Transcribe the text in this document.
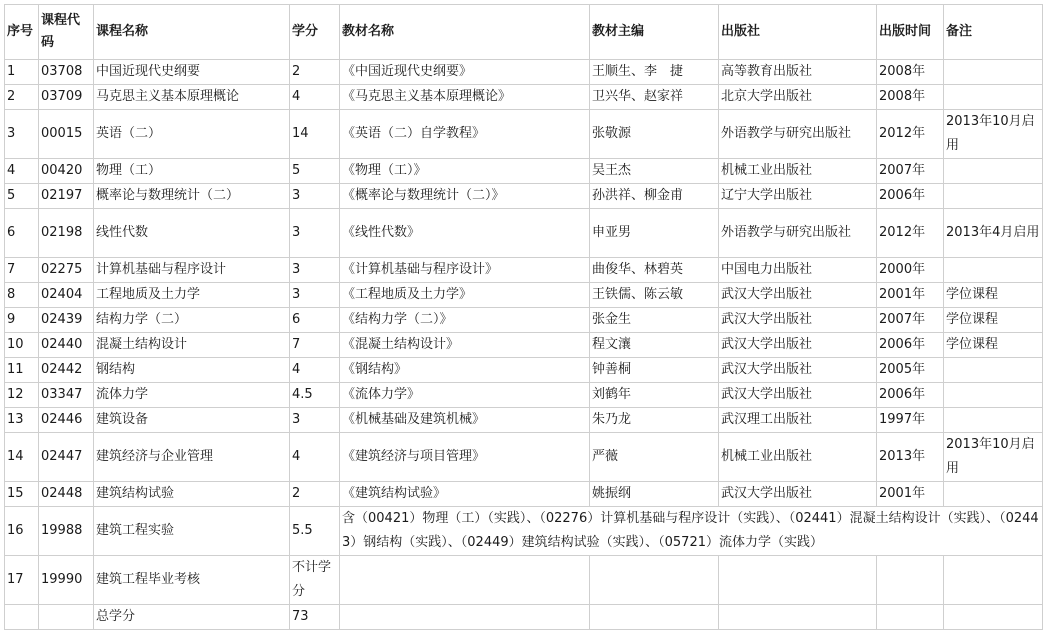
序号	课程代码	课程名称	学分	教材名称	教材主编	出版社	出版时间	备注
1	03708	中国近现代史纲要	2	《中国近现代史纲要》	王顺生、李　捷	高等教育出版社	2008年	
2	03709	马克思主义基本原理概论	4	《马克思主义基本原理概论》	卫兴华、赵家祥	北京大学出版社	2008年	
3	00015	英语（二）	14	《英语（二）自学教程》	张敬源	外语教学与研究出版社	2012年	2013年10月启用
4	00420	物理（工）	5	《物理（工）》	吴王杰	机械工业出版社	2007年	
5	02197	概率论与数理统计（二）	3	《概率论与数理统计（二）》	孙洪祥、柳金甫	辽宁大学出版社	2006年	
6	02198	线性代数	3	《线性代数》	申亚男	外语教学与研究出版社	2012年	2013年4月启用
7	02275	计算机基础与程序设计	3	《计算机基础与程序设计》	曲俊华、林碧英	中国电力出版社	2000年	
8	02404	工程地质及土力学	3	《工程地质及土力学》	王铁儒、陈云敏	武汉大学出版社	2001年	学位课程
9	02439	结构力学（二）	6	《结构力学（二）》	张金生	武汉大学出版社	2007年	学位课程
10	02440	混凝土结构设计	7	《混凝土结构设计》	程文瀼	武汉大学出版社	2006年	学位课程
11	02442	钢结构	4	《钢结构》	钟善桐	武汉大学出版社	2005年	
12	03347	流体力学	4.5	《流体力学》	刘鹤年	武汉大学出版社	2006年	
13	02446	建筑设备	3	《机械基础及建筑机械》	朱乃龙	武汉理工出版社	1997年	
14	02447	建筑经济与企业管理	4	《建筑经济与项目管理》	严薇	机械工业出版社	2013年	2013年10月启用
15	02448	建筑结构试验	2	《建筑结构试验》	姚振纲	武汉大学出版社	2001年	
16	19988	建筑工程实验	5.5	含（00421）物理（工）（实践）、（02276）计算机基础与程序设计（实践）、（02441）混凝土结构设计（实践）、（02443）钢结构（实践）、（02449）建筑结构试验（实践）、（05721）流体力学（实践）				
17	19990	建筑工程毕业考核	不计学分					
		总学分	73					
